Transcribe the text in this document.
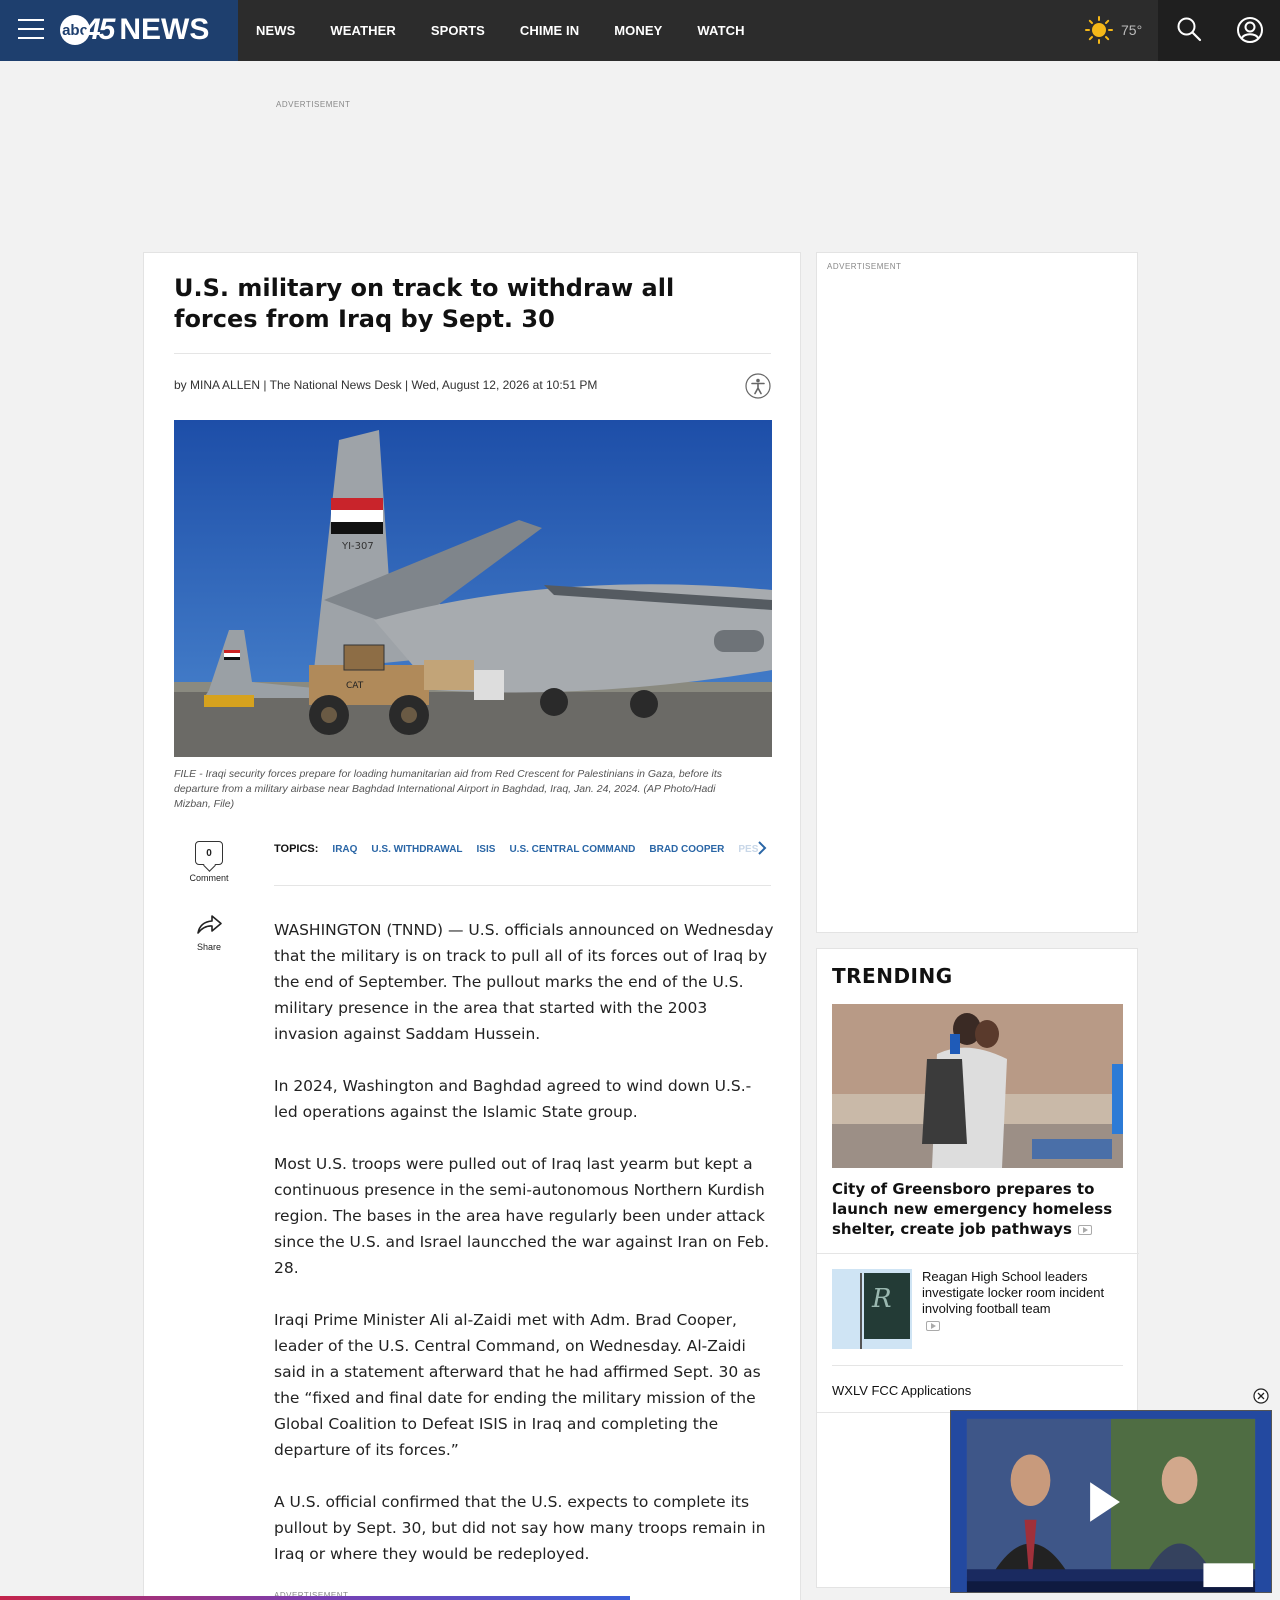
abc
45 NEWS	NEWS	WEATHER	SPORTS	CHIME IN	MONEY	WATCH	75°
ADVERTISEMENT
U.S. military on track to withdraw all forces from Iraq by Sept. 30
by MINA ALLEN | The National News Desk | Wed, August 12, 2026 at 10:51 PM
YI-307
CAT

FILE - Iraqi security forces prepare for loading humanitarian aid from Red Crescent for Palestinians in Gaza, before its departure from a military airbase near Baghdad International Airport in Baghdad, Iraq, Jan. 24, 2024. (AP Photo/Hadi Mizban, File)

0
Comment
Share
TOPICS: IRAQ U.S. WITHDRAWAL ISIS U.S. CENTRAL COMMAND BRAD COOPER PES

WASHINGTON (TNND) — U.S. officials announced on Wednesday that the military is on track to pull all of its forces out of Iraq by the end of September. The pullout marks the end of the U.S. military presence in the area that started with the 2003 invasion against Saddam Hussein.

In 2024, Washington and Baghdad agreed to wind down U.S.-led operations against the Islamic State group.

Most U.S. troops were pulled out of Iraq last yearm but kept a continuous presence in the semi-autonomous Northern Kurdish region. The bases in the area have regularly been under attack since the U.S. and Israel launcched the war against Iran on Feb. 28.

Iraqi Prime Minister Ali al-Zaidi met with Adm. Brad Cooper, leader of the U.S. Central Command, on Wednesday. Al-Zaidi said in a statement afterward that he had affirmed Sept. 30 as the “fixed and final date for ending the military mission of the Global Coalition to Defeat ISIS in Iraq and completing the departure of its forces.”

A U.S. official confirmed that the U.S. expects to complete its pullout by Sept. 30, but did not say how many troops remain in Iraq or where they would be redeployed.

ADVERTISEMENT
TRENDING
City of Greensboro prepares to launch new emergency homeless shelter, create job pathways
R
Reagan High School leaders investigate locker room incident involving football team

WXLV FCC Applications
